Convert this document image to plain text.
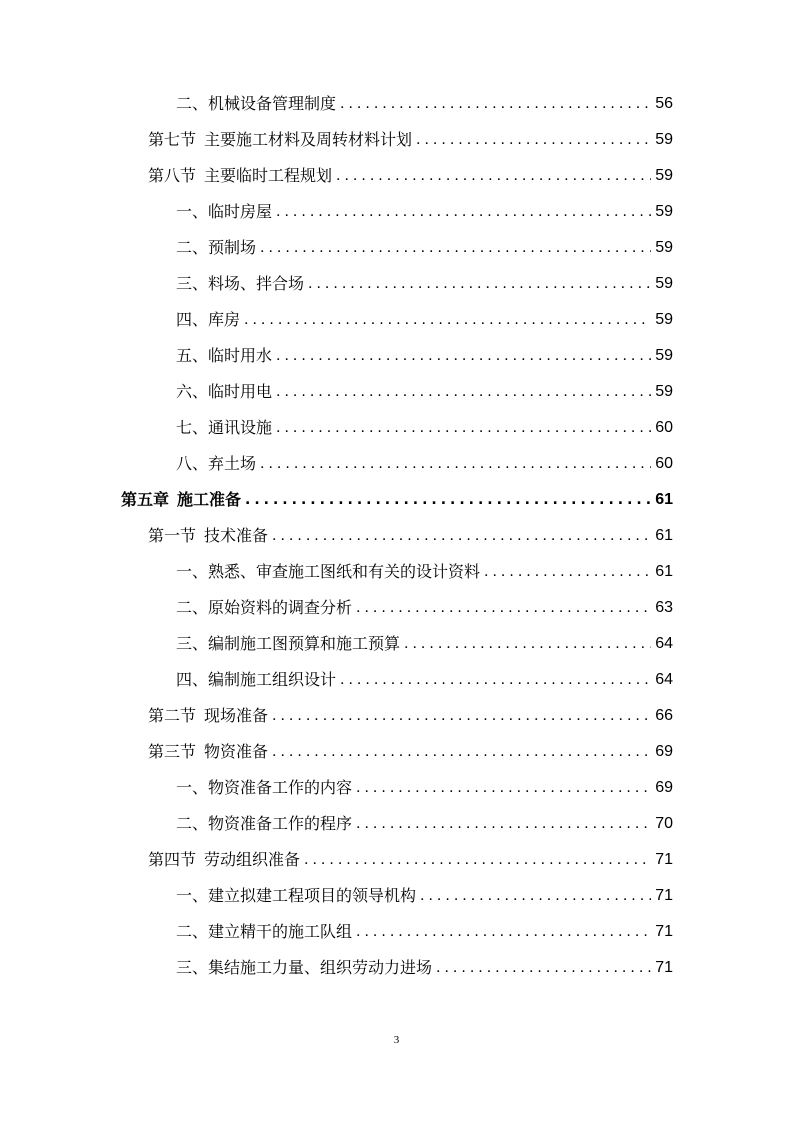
二、机械设备管理制度 .....	56
第七节 主要施工材料及周转材料计划 .....	59
第八节 主要临时工程规划 .....	59
一、临时房屋 .....	59
二、预制场 .....	59
三、料场、拌合场 .....	59
四、库房 .....	59
五、临时用水 .....	59
六、临时用电 .....	59
七、通讯设施 .....	60
八、弃土场 .....	60
第五章 施工准备 .....	61
第一节 技术准备 .....	61
一、熟悉、审查施工图纸和有关的设计资料 .....	61
二、原始资料的调查分析 .....	63
三、编制施工图预算和施工预算 .....	64
四、编制施工组织设计 .....	64
第二节 现场准备 .....	66
第三节 物资准备 .....	69
一、物资准备工作的内容 .....	69
二、物资准备工作的程序 .....	70
第四节 劳动组织准备 .....	71
一、建立拟建工程项目的领导机构 .....	71
二、建立精干的施工队组 .....	71
三、集结施工力量、组织劳动力进场 .....	71
3
